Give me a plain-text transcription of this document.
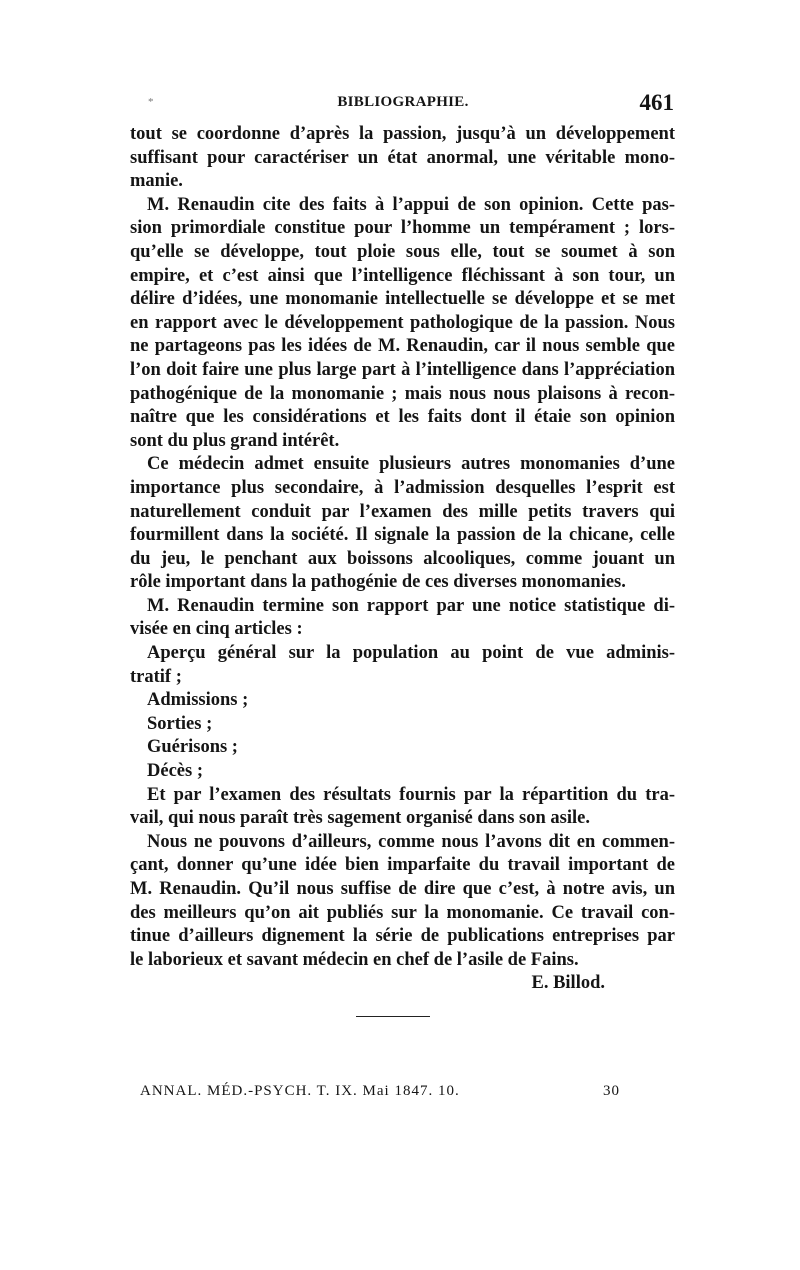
*	BIBLIOGRAPHIE.	461
tout se coordonne d’après la passion, jusqu’à un développement
suffisant pour caractériser un état anormal, une véritable mono-
manie.
M. Renaudin cite des faits à l’appui de son opinion. Cette pas-
sion primordiale constitue pour l’homme un tempérament ; lors-
qu’elle se développe, tout ploie sous elle, tout se soumet à son
empire, et c’est ainsi que l’intelligence fléchissant à son tour, un
délire d’idées, une monomanie intellectuelle se développe et se met
en rapport avec le développement pathologique de la passion. Nous
ne partageons pas les idées de M. Renaudin, car il nous semble que
l’on doit faire une plus large part à l’intelligence dans l’appréciation
pathogénique de la monomanie ; mais nous nous plaisons à recon-
naître que les considérations et les faits dont il étaie son opinion
sont du plus grand intérêt.
Ce médecin admet ensuite plusieurs autres monomanies d’une
importance plus secondaire, à l’admission desquelles l’esprit est
naturellement conduit par l’examen des mille petits travers qui
fourmillent dans la société. Il signale la passion de la chicane, celle
du jeu, le penchant aux boissons alcooliques, comme jouant un
rôle important dans la pathogénie de ces diverses monomanies.
M. Renaudin termine son rapport par une notice statistique di-
visée en cinq articles :
Aperçu général sur la population au point de vue adminis-
tratif ;
Admissions ;
Sorties ;
Guérisons ;
Décès ;
Et par l’examen des résultats fournis par la répartition du tra-
vail, qui nous paraît très sagement organisé dans son asile.
Nous ne pouvons d’ailleurs, comme nous l’avons dit en commen-
çant, donner qu’une idée bien imparfaite du travail important de
M. Renaudin. Qu’il nous suffise de dire que c’est, à notre avis, un
des meilleurs qu’on ait publiés sur la monomanie. Ce travail con-
tinue d’ailleurs dignement la série de publications entreprises par
le laborieux et savant médecin en chef de l’asile de Fains.
E. Billod.
ANNAL. MÉD.-PSYCH. T. IX. Mai 1847. 10.	30
